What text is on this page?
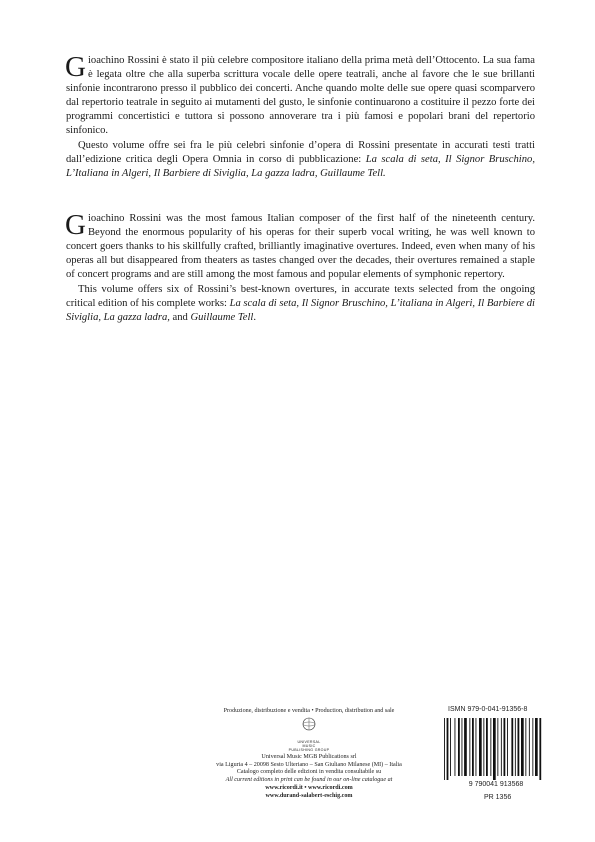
Gioachino Rossini è stato il più celebre compositore italiano della prima metà dell’Ottocento. La sua fama è legata oltre che alla superba scrittura vocale delle opere teatrali, anche al favore che le sue brillanti sinfonie incontrarono presso il pubblico dei concerti. Anche quando molte delle sue opere quasi scomparvero dal repertorio teatrale in seguito ai mutamenti del gusto, le sinfonie continuarono a costituire il pezzo forte dei programmi concertistici e tuttora si possono annoverare tra i più famosi e popolari brani del repertorio sinfonico.

Questo volume offre sei fra le più celebri sinfonie d’opera di Rossini presentate in accurati testi tratti dall’edizione critica degli Opera Omnia in corso di pubblicazione: La scala di seta, Il Signor Bruschino, L’Italiana in Algeri, Il Barbiere di Siviglia, La gazza ladra, Guillaume Tell.

Gioachino Rossini was the most famous Italian composer of the first half of the nineteenth century. Beyond the enormous popularity of his operas for their superb vocal writing, he was well known to concert goers thanks to his skillfully crafted, brilliantly imaginative overtures. Indeed, even when many of his operas all but disappeared from theaters as tastes changed over the decades, their overtures remained a staple of concert programs and are still among the most famous and popular elements of symphonic repertory.

This volume offers six of Rossini’s best-known overtures, in accurate texts selected from the ongoing critical edition of his complete works: La scala di seta, Il Signor Bruschino, L’italiana in Algeri, Il Barbiere di Siviglia, La gazza ladra, and Guillaume Tell.

Produzione, distribuzione e vendita • Production, distribution and sale
UNIVERSAL
MUSIC
PUBLISHING GROUP
Universal Music MGB Publications srl
via Liguria 4 – 20098 Sesto Ulteriano – San Giuliano Milanese (MI) – Italia
Catalogo completo delle edizioni in vendita consultabile su
All current editions in print can be found in our on-line catalogue at
www.ricordi.it • www.ricordi.com
www.durand-salabert-eschig.com
ISMN 979-0-041-91356-8
9 790041 913568
PR 1356
